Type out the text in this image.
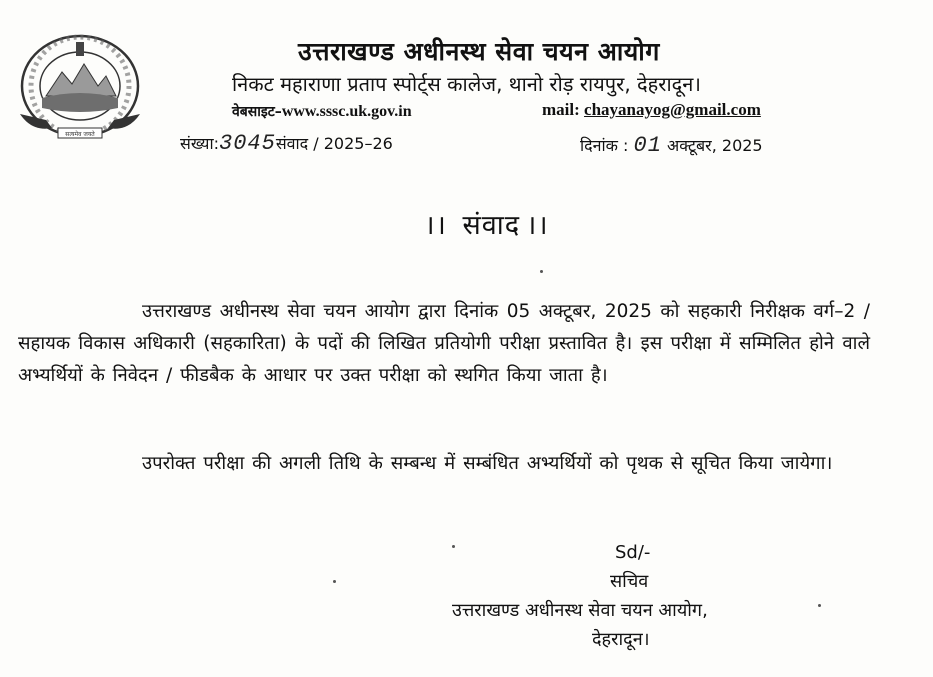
सत्यमेव जयते
उत्तराखण्ड अधीनस्थ सेवा चयन आयोग
निकट महाराणा प्रताप स्पोर्ट्स कालेज, थानो रोड़ रायपुर, देहरादून।
वेबसाइट–www.sssc.uk.gov.in	mail: chayanayog@gmail.com
संख्या:3045संवाद / 2025–26	दिनांक : 01 अक्टूबर, 2025
।। संवाद ।।
उत्तराखण्ड अधीनस्थ सेवा चयन आयोग द्वारा दिनांक 05 अक्टूबर, 2025 को सहकारी निरीक्षक वर्ग–2 / सहायक विकास अधिकारी (सहकारिता) के पदों की लिखित प्रतियोगी परीक्षा प्रस्तावित है। इस परीक्षा में सम्मिलित होने वाले अभ्यर्थियों के निवेदन / फीडबैक के आधार पर उक्त परीक्षा को स्थगित किया जाता है।
उपरोक्त परीक्षा की अगली तिथि के सम्बन्ध में सम्बंधित अभ्यर्थियों को पृथक से सूचित किया जायेगा।
Sd/-
सचिव
उत्तराखण्ड अधीनस्थ सेवा चयन आयोग,
देहरादून।
